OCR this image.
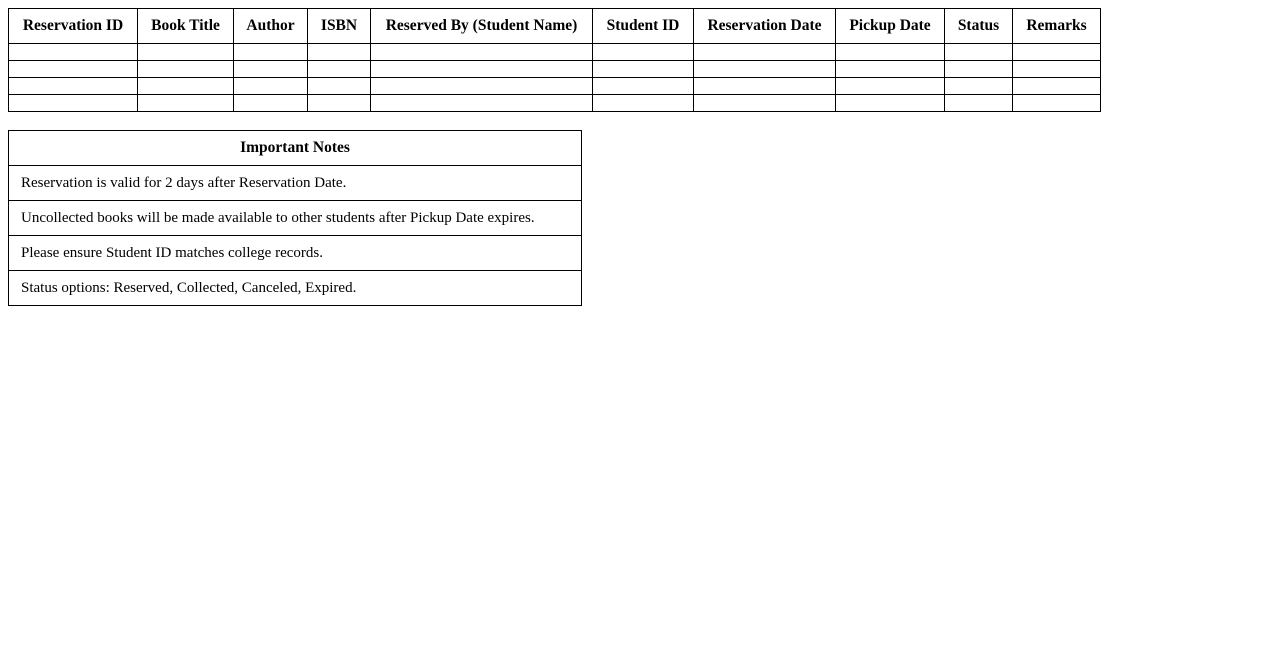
Reservation ID	Book Title	Author	ISBN	Reserved By (Student Name)	Student ID	Reservation Date	Pickup Date	Status	Remarks

Important Notes
Reservation is valid for 2 days after Reservation Date.
Uncollected books will be made available to other students after Pickup Date expires.
Please ensure Student ID matches college records.
Status options: Reserved, Collected, Canceled, Expired.
